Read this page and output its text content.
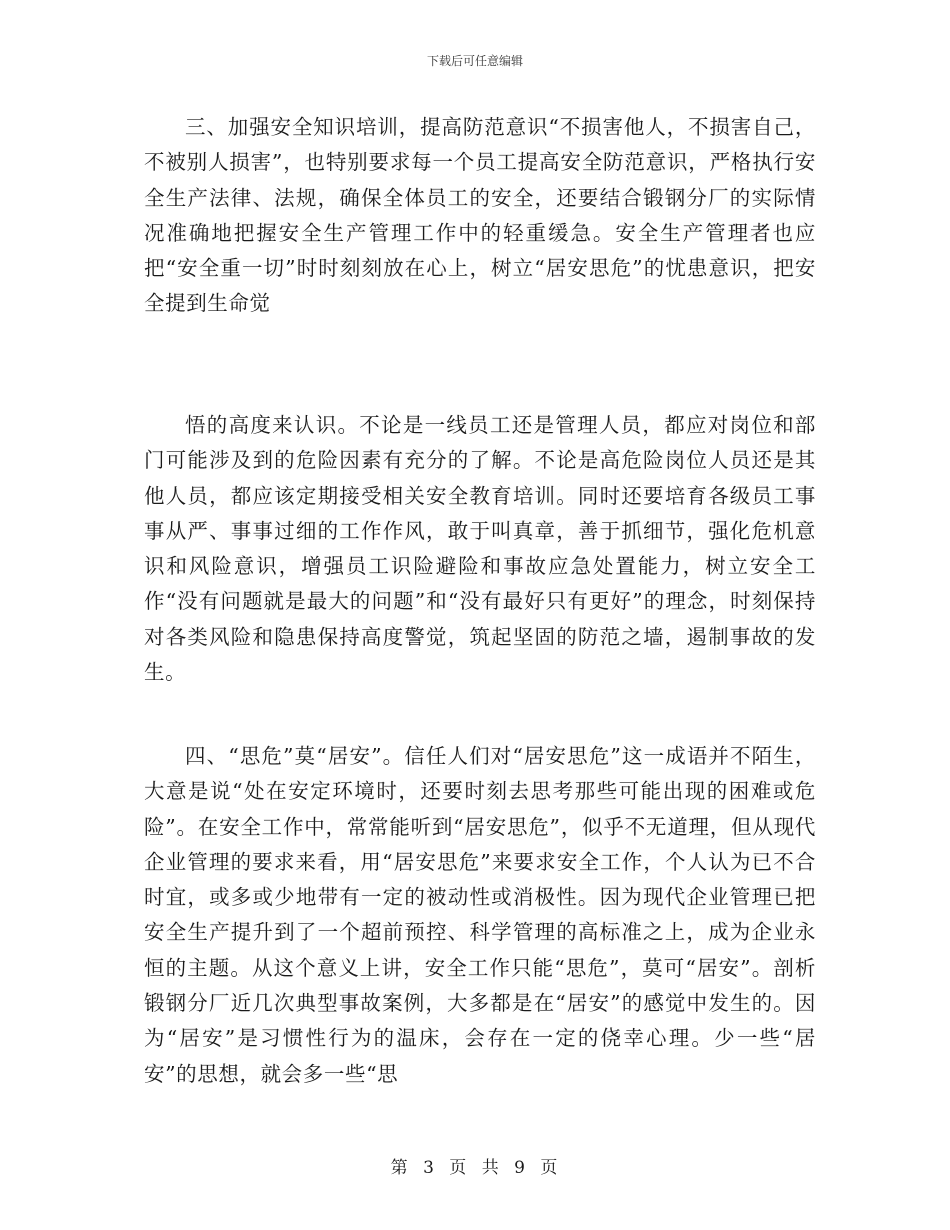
下载后可任意编辑

三、加强安全知识培训，提高防范意识“不损害他人，不损害自己，不被别人损害”，也特别要求每一个员工提高安全防范意识，严格执行安全生产法律、法规，确保全体员工的安全，还要结合锻钢分厂的实际情况准确地把握安全生产管理工作中的轻重缓急。安全生产管理者也应把“安全重一切”时时刻刻放在心上，树立“居安思危”的忧患意识，把安全提到生命觉

悟的高度来认识。不论是一线员工还是管理人员，都应对岗位和部门可能涉及到的危险因素有充分的了解。不论是高危险岗位人员还是其他人员，都应该定期接受相关安全教育培训。同时还要培育各级员工事事从严、事事过细的工作作风，敢于叫真章，善于抓细节，强化危机意识和风险意识，增强员工识险避险和事故应急处置能力，树立安全工作“没有问题就是最大的问题”和“没有最好只有更好”的理念，时刻保持对各类风险和隐患保持高度警觉，筑起坚固的防范之墙，遏制事故的发生。

四、“思危”莫“居安”。信任人们对“居安思危”这一成语并不陌生，大意是说“处在安定环境时，还要时刻去思考那些可能出现的困难或危险”。在安全工作中，常常能听到“居安思危”，似乎不无道理，但从现代企业管理的要求来看，用“居安思危”来要求安全工作，个人认为已不合时宜，或多或少地带有一定的被动性或消极性。因为现代企业管理已把安全生产提升到了一个超前预控、科学管理的高标准之上，成为企业永恒的主题。从这个意义上讲，安全工作只能“思危”，莫可“居安”。剖析锻钢分厂近几次典型事故案例，大多都是在“居安”的感觉中发生的。因为“居安”是习惯性行为的温床，会存在一定的侥幸心理。少一些“居安”的思想，就会多一些“思

第 3 页 共 9 页
